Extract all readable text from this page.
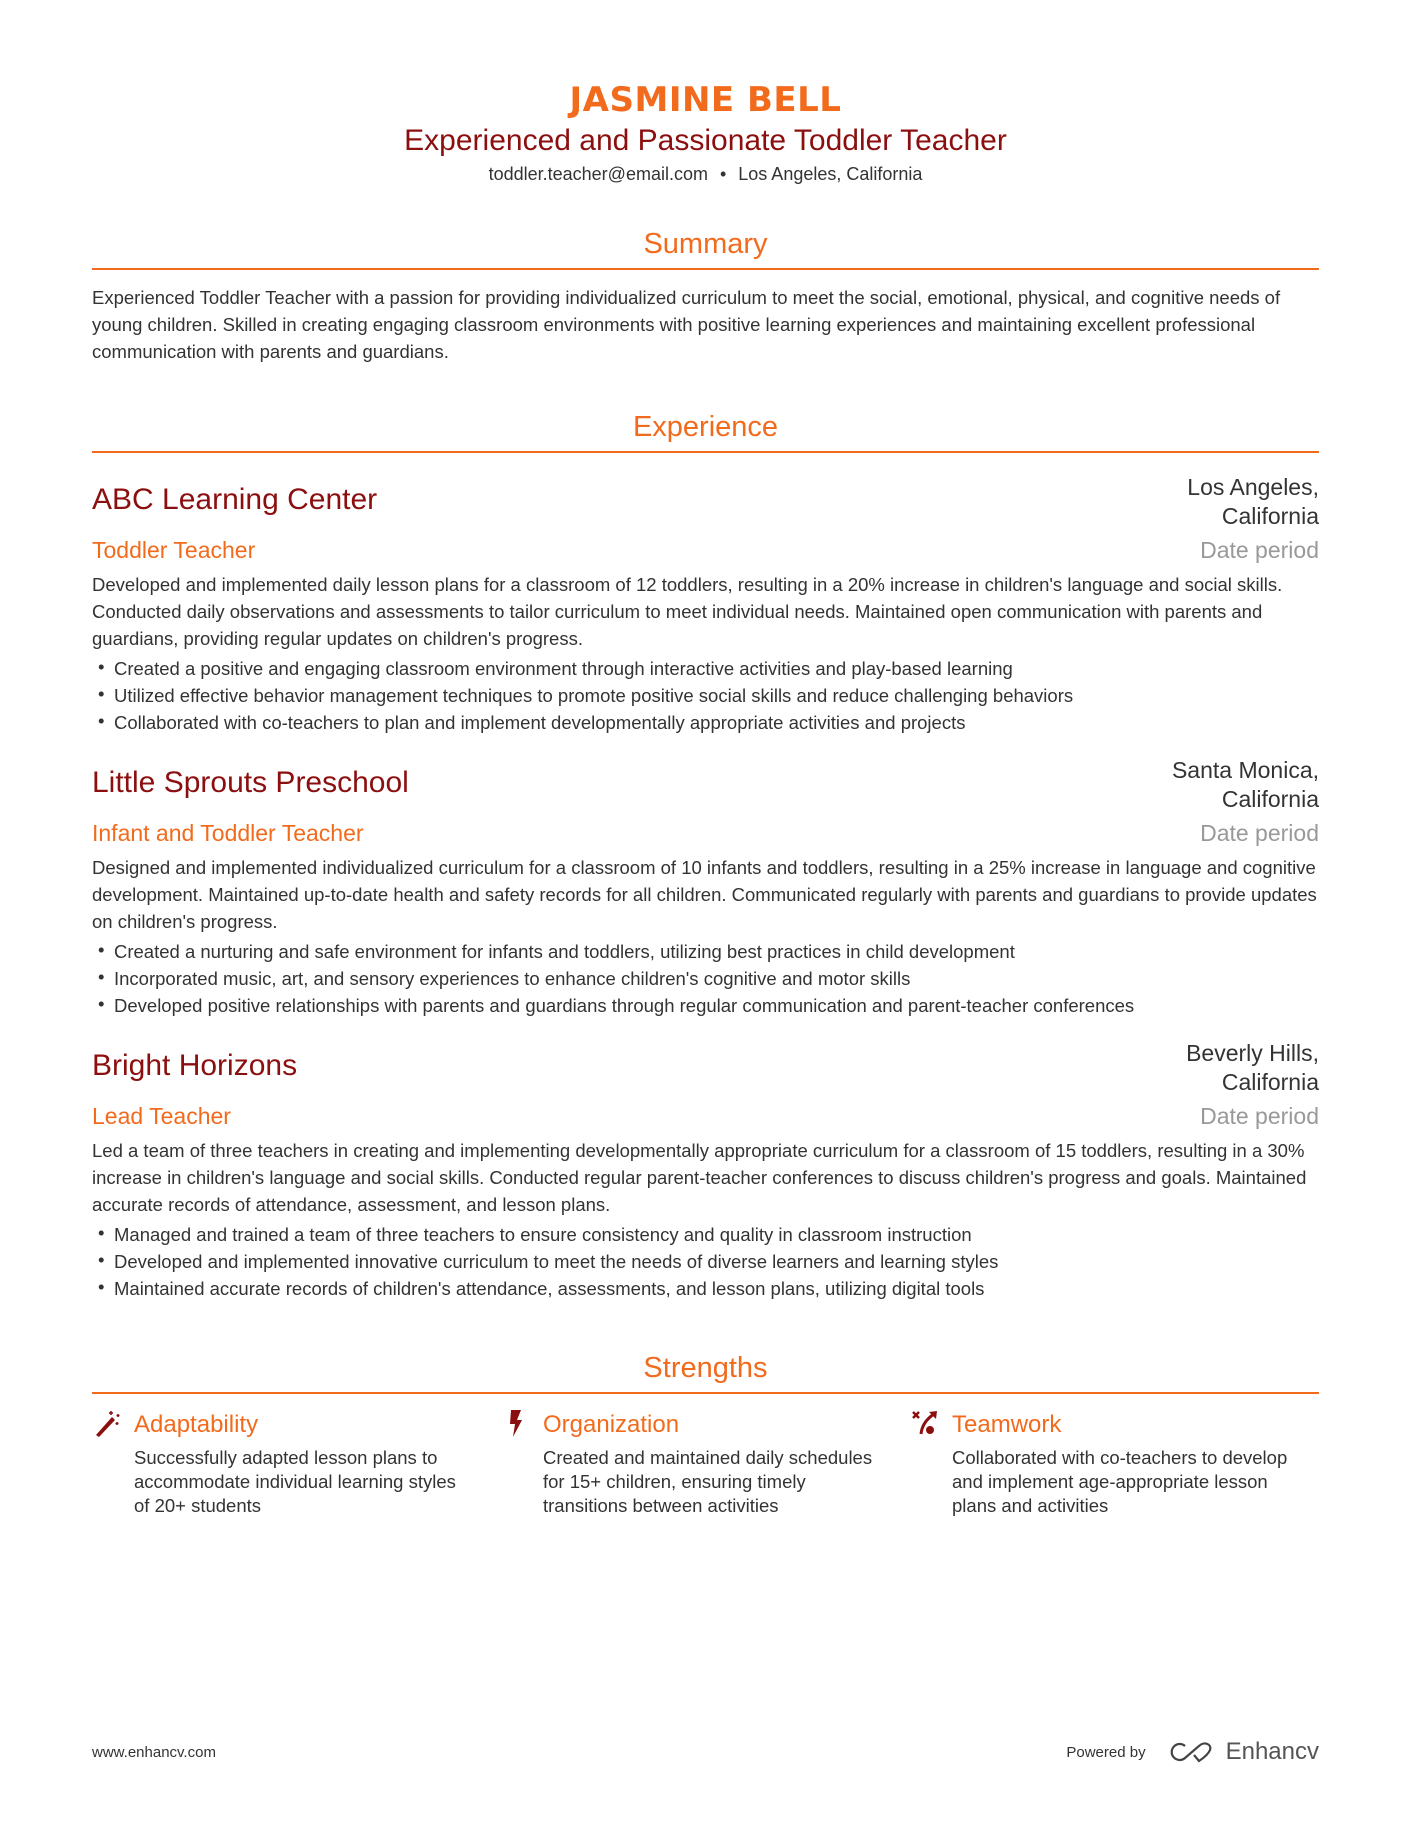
JASMINE BELL
Experienced and Passionate Toddler Teacher
toddler.teacher@email.com • Los Angeles, California
Summary
Experienced Toddler Teacher with a passion for providing individualized curriculum to meet the social, emotional, physical, and cognitive needs of young children. Skilled in creating engaging classroom environments with positive learning experiences and maintaining excellent professional communication with parents and guardians.
Experience
ABC Learning Center	Los Angeles,
California
Toddler Teacher	Date period
Developed and implemented daily lesson plans for a classroom of 12 toddlers, resulting in a 20% increase in children's language and social skills. Conducted daily observations and assessments to tailor curriculum to meet individual needs. Maintained open communication with parents and guardians, providing regular updates on children's progress.
• Created a positive and engaging classroom environment through interactive activities and play-based learning
• Utilized effective behavior management techniques to promote positive social skills and reduce challenging behaviors
• Collaborated with co-teachers to plan and implement developmentally appropriate activities and projects
Little Sprouts Preschool	Santa Monica,
California
Infant and Toddler Teacher	Date period
Designed and implemented individualized curriculum for a classroom of 10 infants and toddlers, resulting in a 25% increase in language and cognitive development. Maintained up-to-date health and safety records for all children. Communicated regularly with parents and guardians to provide updates on children's progress.
• Created a nurturing and safe environment for infants and toddlers, utilizing best practices in child development
• Incorporated music, art, and sensory experiences to enhance children's cognitive and motor skills
• Developed positive relationships with parents and guardians through regular communication and parent-teacher conferences
Bright Horizons	Beverly Hills,
California
Lead Teacher	Date period
Led a team of three teachers in creating and implementing developmentally appropriate curriculum for a classroom of 15 toddlers, resulting in a 30% increase in children's language and social skills. Conducted regular parent-teacher conferences to discuss children's progress and goals. Maintained accurate records of attendance, assessment, and lesson plans.
• Managed and trained a team of three teachers to ensure consistency and quality in classroom instruction
• Developed and implemented innovative curriculum to meet the needs of diverse learners and learning styles
• Maintained accurate records of children's attendance, assessments, and lesson plans, utilizing digital tools
Strengths
Adaptability
Successfully adapted lesson plans to accommodate individual learning styles of 20+ students
Organization
Created and maintained daily schedules for 15+ children, ensuring timely transitions between activities
Teamwork
Collaborated with co-teachers to develop and implement age-appropriate lesson plans and activities
www.enhancv.com	Powered by	Enhancv
